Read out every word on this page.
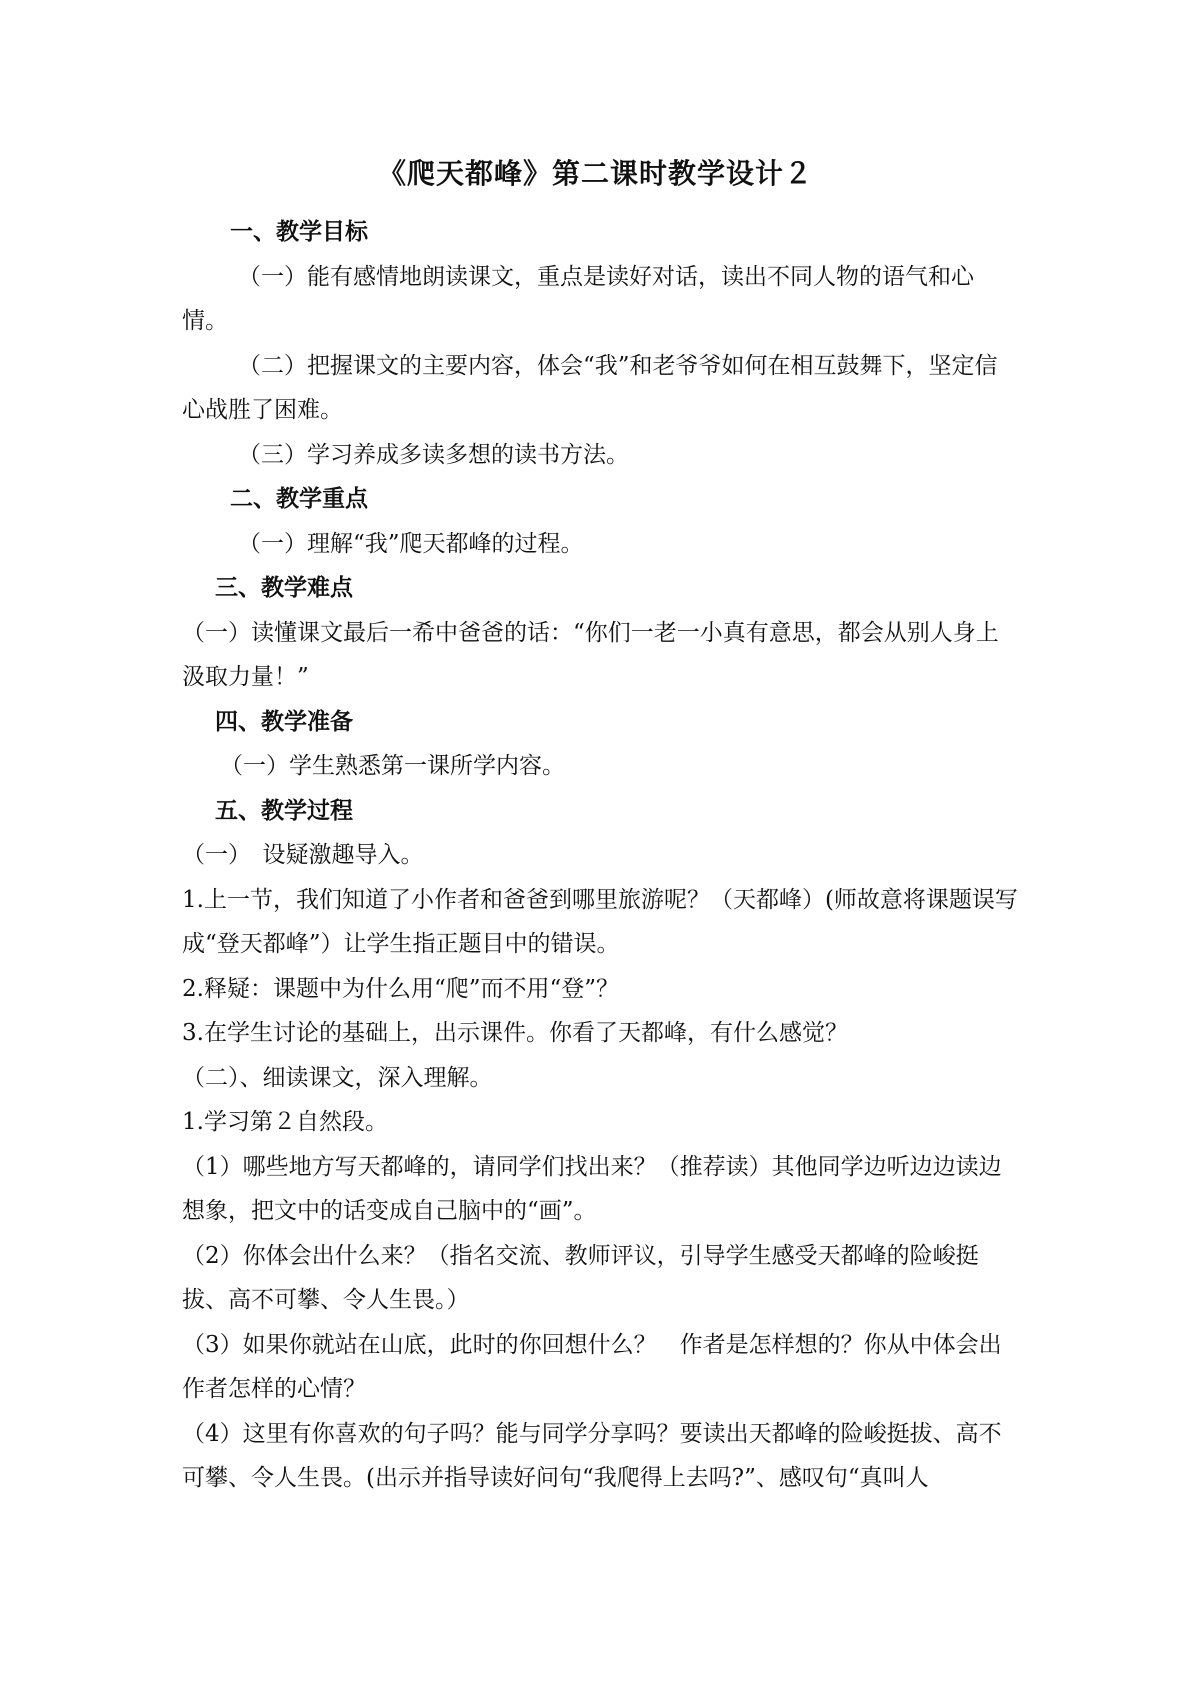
《爬天都峰》第二课时教学设计２
一、教学目标
（一）能有感情地朗读课文，重点是读好对话，读出不同人物的语气和心情。
（二）把握课文的主要内容，体会“我”和老爷爷如何在相互鼓舞下，坚定信心战胜了困难。
（三）学习养成多读多想的读书方法。
二、教学重点
（一）理解“我”爬天都峰的过程。
三、教学难点
（一）读懂课文最后一希中爸爸的话：“你们一老一小真有意思，都会从别人身上汲取力量！”
四、教学准备
（一）学生熟悉第一课所学内容。
五、教学过程
（一）　设疑激趣导入。
1.上一节，我们知道了小作者和爸爸到哪里旅游呢？（天都峰）(师故意将课题误写成“登天都峰”）让学生指正题目中的错误。
2.释疑：课题中为什么用“爬”而不用“登”？
3.在学生讨论的基础上，出示课件。你看了天都峰，有什么感觉？
（二）、细读课文，深入理解。
1.学习第２自然段。
（1）哪些地方写天都峰的，请同学们找出来？（推荐读）其他同学边听边边读边想象，把文中的话变成自己脑中的“画”。
（2）你体会出什么来？（指名交流、教师评议，引导学生感受天都峰的险峻挺拔、高不可攀、令人生畏。）
（3）如果你就站在山底，此时的你回想什么？　作者是怎样想的？你从中体会出作者怎样的心情？
（4）这里有你喜欢的句子吗？能与同学分享吗？要读出天都峰的险峻挺拔、高不可攀、令人生畏。(出示并指导读好问句“我爬得上去吗?”、感叹句“真叫人
